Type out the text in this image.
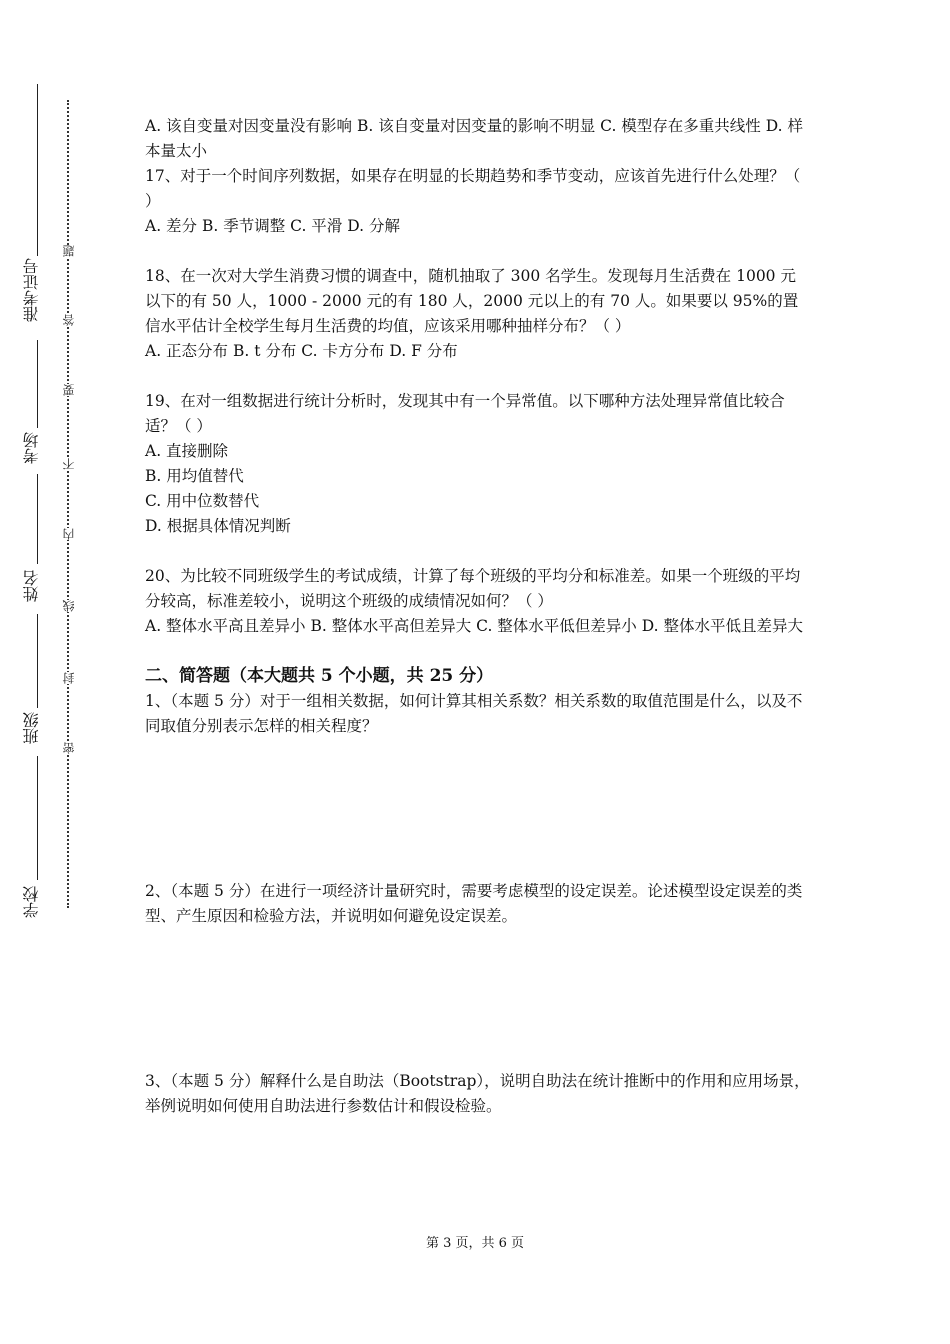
准考证号
考场
姓名
班级
学校
题
答
要
不
内
线
封
密

A. 该自变量对因变量没有影响 B. 该自变量对因变量的影响不明显 C. 模型存在多重共线性 D. 样本量太小

17、对于一个时间序列数据，如果存在明显的长期趋势和季节变动，应该首先进行什么处理？（ ）

A. 差分 B. 季节调整 C. 平滑 D. 分解

18、在一次对大学生消费习惯的调查中，随机抽取了 300 名学生。发现每月生活费在 1000 元以下的有 50 人，1000 - 2000 元的有 180 人，2000 元以上的有 70 人。如果要以 95%的置信水平估计全校学生每月生活费的均值，应该采用哪种抽样分布？（ ）

A. 正态分布 B. t 分布 C. 卡方分布 D. F 分布

19、在对一组数据进行统计分析时，发现其中有一个异常值。以下哪种方法处理异常值比较合适？（ ）

A. 直接删除

B. 用均值替代

C. 用中位数替代

D. 根据具体情况判断

20、为比较不同班级学生的考试成绩，计算了每个班级的平均分和标准差。如果一个班级的平均分较高，标准差较小，说明这个班级的成绩情况如何？（ ）

A. 整体水平高且差异小 B. 整体水平高但差异大 C. 整体水平低但差异小 D. 整体水平低且差异大

二、简答题（本大题共 5 个小题，共 25 分）

1、（本题 5 分）对于一组相关数据，如何计算其相关系数？相关系数的取值范围是什么，以及不同取值分别表示怎样的相关程度？

2、（本题 5 分）在进行一项经济计量研究时，需要考虑模型的设定误差。论述模型设定误差的类型、产生原因和检验方法，并说明如何避免设定误差。

3、（本题 5 分）解释什么是自助法（Bootstrap），说明自助法在统计推断中的作用和应用场景，举例说明如何使用自助法进行参数估计和假设检验。

第 3 页，共 6 页
